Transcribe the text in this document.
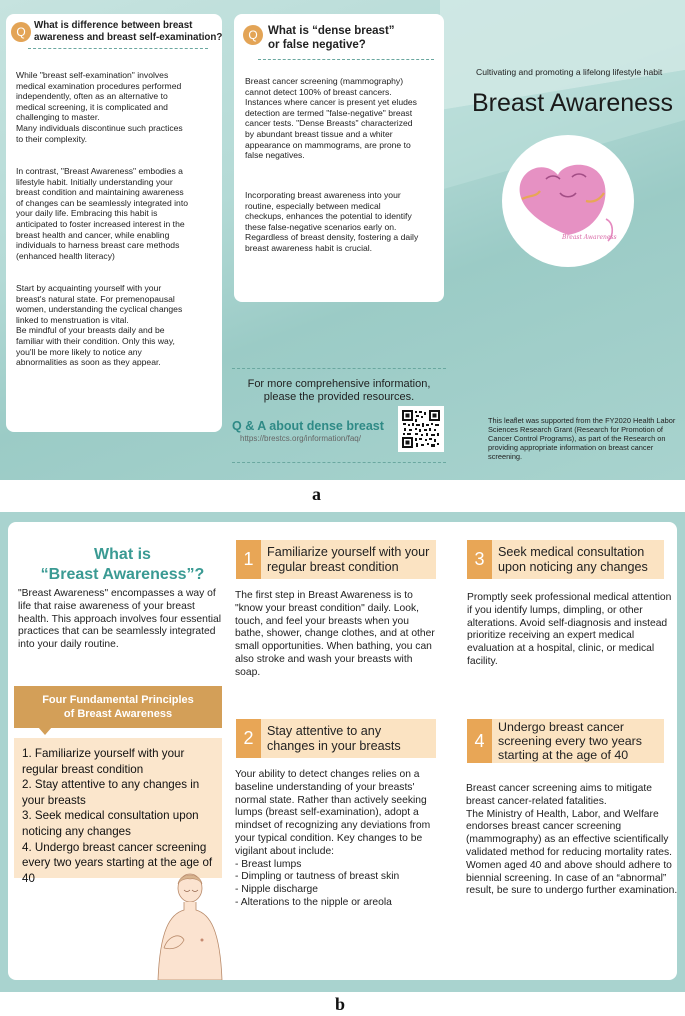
Q What is difference between breast
awareness and breast self-examination?
While "breast self-examination" involves
medical examination procedures performed
independently, often as an alternative to
medical screening, it is complicated and
challenging to master.
Many individuals discontinue such practices
to their complexity.
In contrast, "Breast Awareness" embodies a
lifestyle habit. Initially understanding your
breast condition and maintaining awareness
of changes can be seamlessly integrated into
your daily life. Embracing this habit is
anticipated to foster increased interest in the
breast health and cancer, while enabling
individuals to harness breast care methods
(enhanced health literacy)
Start by acquainting yourself with your
breast's natural state. For premenopausal
women, understanding the cyclical changes
linked to menstruation is vital.
Be mindful of your breasts daily and be
familiar with their condition. Only this way,
you'll be more likely to notice any
abnormalities as soon as they appear.
Q What is “dense breast”
or false negative?
Breast cancer screening (mammography)
cannot detect 100% of breast cancers.
Instances where cancer is present yet eludes
detection are termed "false-negative" breast
cancer tests. "Dense Breasts" characterized
by abundant breast tissue and a whiter
appearance on mammograms, are prone to
false negatives.
Incorporating breast awareness into your
routine, especially between medical
checkups, enhances the potential to identify
these false-negative scenarios early on.
Regardless of breast density, fostering a daily
breast awareness habit is crucial.
For more comprehensive information,
please the provided resources.
Q & A about dense breast
https://brestcs.org/information/faq/
Cultivating and promoting a lifelong lifestyle habit
Breast Awareness
Breast Awareness
This leaflet was supported from the FY2020 Health Labor Sciences Research Grant (Research for Promotion of Cancer Control Programs), as part of the Research on providing appropriate information on breast cancer screening.
a
What is
“Breast Awareness”?
"Breast Awareness" encompasses a way of life that raise awareness of your breast health. This approach involves four essential practices that can be seamlessly integrated into your daily routine.
Four Fundamental Principles
of Breast Awareness
1. Familiarize yourself with your regular breast condition
2. Stay attentive to any changes in your breasts
3. Seek medical consultation upon noticing any changes
4. Undergo breast cancer screening every two years starting at the age of 40
1	Familiarize yourself with your regular breast condition
The first step in Breast Awareness is to "know your breast condition" daily. Look, touch, and feel your breasts when you bathe, shower, change clothes, and at other small opportunities. When bathing, you can also stroke and wash your breasts with soap.
2	Stay attentive to any changes in your breasts
Your ability to detect changes relies on a baseline understanding of your breasts' normal state. Rather than actively seeking lumps (breast self-examination), adopt a mindset of recognizing any deviations from your typical condition. Key changes to be vigilant about include:
- Breast lumps
- Dimpling or tautness of breast skin
- Nipple discharge
- Alterations to the nipple or areola
3	Seek medical consultation upon noticing any changes
Promptly seek professional medical attention if you identify lumps, dimpling, or other alterations. Avoid self-diagnosis and instead prioritize receiving an expert medical evaluation at a hospital, clinic, or medical facility.
4
Undergo breast cancer screening every two years starting at the age of 40
Breast cancer screening aims to mitigate breast cancer-related fatalities.
The Ministry of Health, Labor, and Welfare endorses breast cancer screening (mammography) as an effective scientifically validated method for reducing mortality rates. Women aged 40 and above should adhere to biennial screening. In case of an “abnormal” result, be sure to undergo further examination.
b
